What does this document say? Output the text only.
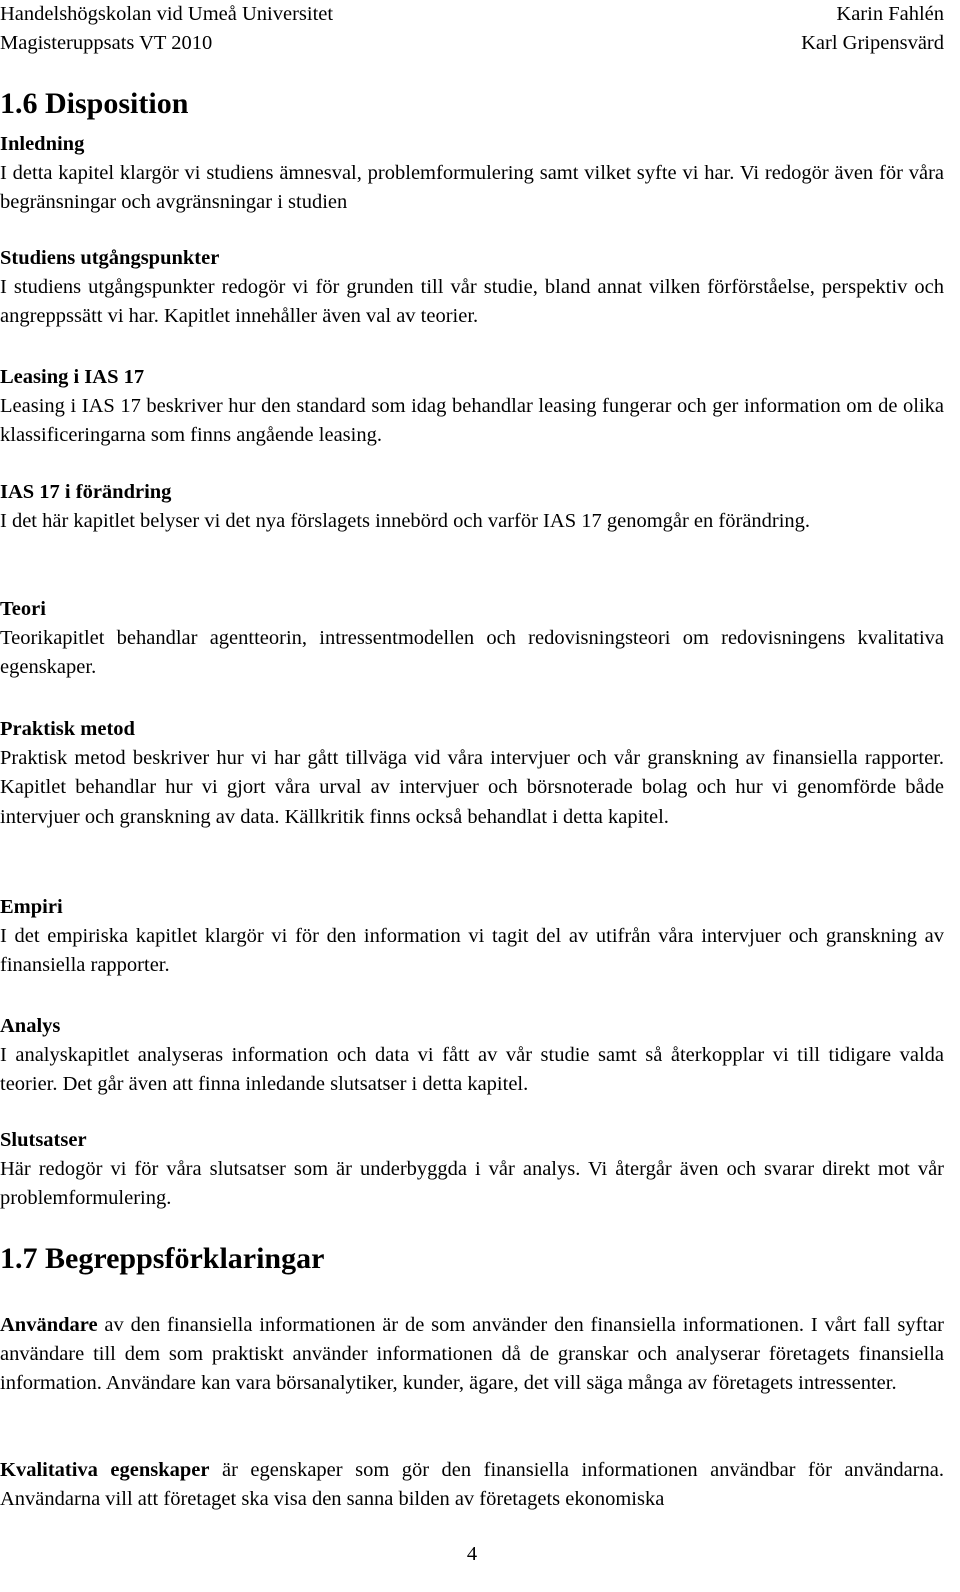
Handelshögskolan vid Umeå Universitet	Karin Fahlén
Magisteruppsats VT 2010	Karl Gripensvärd
1.6 Disposition
Inledning
I detta kapitel klargör vi studiens ämnesval, problemformulering samt vilket syfte vi har. Vi redogör även för våra begränsningar och avgränsningar i studien
Studiens utgångspunkter
I studiens utgångspunkter redogör vi för grunden till vår studie, bland annat vilken förförståelse, perspektiv och angreppssätt vi har. Kapitlet innehåller även val av teorier.
Leasing i IAS 17
Leasing i IAS 17 beskriver hur den standard som idag behandlar leasing fungerar och ger information om de olika klassificeringarna som finns angående leasing.
IAS 17 i förändring
I det här kapitlet belyser vi det nya förslagets innebörd och varför IAS 17 genomgår en förändring.
Teori
Teorikapitlet behandlar agentteorin, intressentmodellen och redovisningsteori om redovisningens kvalitativa egenskaper.
Praktisk metod
Praktisk metod beskriver hur vi har gått tillväga vid våra intervjuer och vår granskning av finansiella rapporter. Kapitlet behandlar hur vi gjort våra urval av intervjuer och börsnoterade bolag och hur vi genomförde både intervjuer och granskning av data. Källkritik finns också behandlat i detta kapitel.
Empiri
I det empiriska kapitlet klargör vi för den information vi tagit del av utifrån våra intervjuer och granskning av finansiella rapporter.
Analys
I analyskapitlet analyseras information och data vi fått av vår studie samt så återkopplar vi till tidigare valda teorier. Det går även att finna inledande slutsatser i detta kapitel.
Slutsatser
Här redogör vi för våra slutsatser som är underbyggda i vår analys. Vi återgår även och svarar direkt mot vår problemformulering.
1.7 Begreppsförklaringar
Användare av den finansiella informationen är de som använder den finansiella informationen. I vårt fall syftar användare till dem som praktiskt använder informationen då de granskar och analyserar företagets finansiella information. Användare kan vara börsanalytiker, kunder, ägare, det vill säga många av företagets intressenter.
Kvalitativa egenskaper är egenskaper som gör den finansiella informationen användbar för användarna. Användarna vill att företaget ska visa den sanna bilden av företagets ekonomiska
4
